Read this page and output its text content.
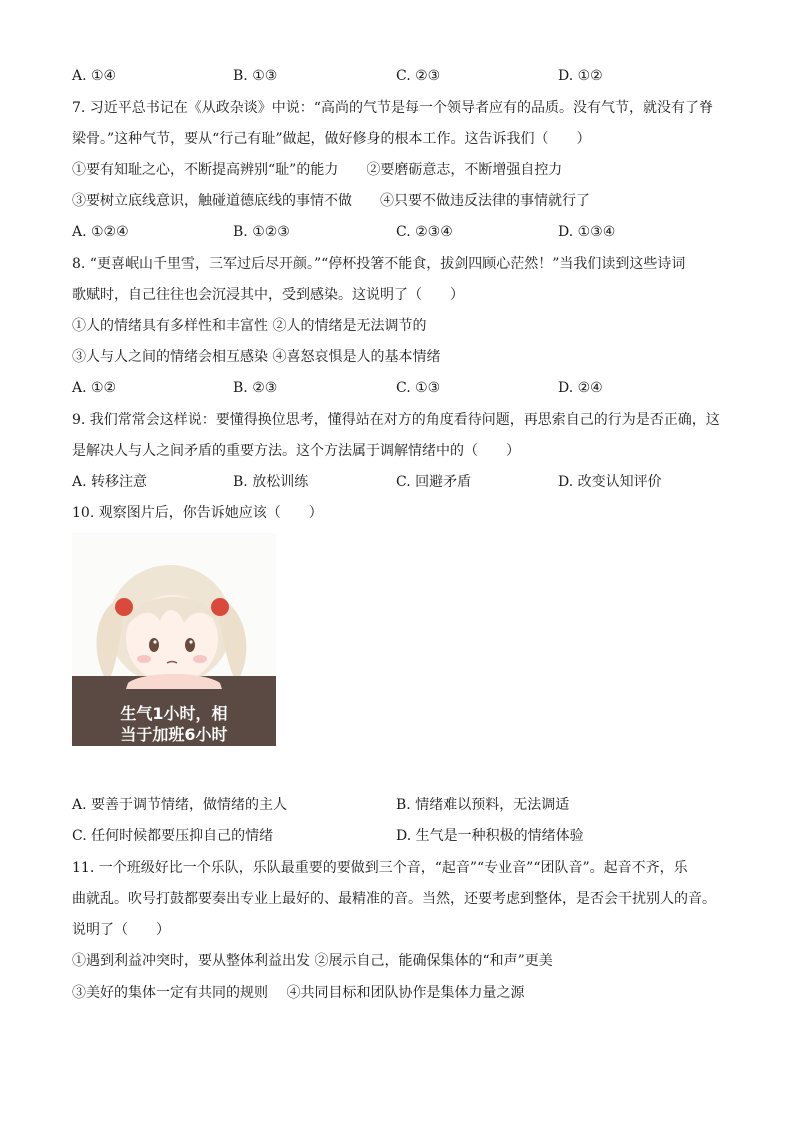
A. ①④	B. ①③	C. ②③	D. ①②
7. 习近平总书记在《从政杂谈》中说：“高尚的气节是每一个领导者应有的品质。没有气节，就没有了脊
梁骨。”这种气节，要从“行己有耻”做起，做好修身的根本工作。这告诉我们（　　）
①要有知耻之心，不断提高辨别“耻”的能力　　②要磨砺意志，不断增强自控力
③要树立底线意识，触碰道德底线的事情不做　　④只要不做违反法律的事情就行了
A. ①②④	B. ①②③	C. ②③④	D. ①③④
8. “更喜岷山千里雪，三军过后尽开颜。”“停杯投箸不能食，拔剑四顾心茫然！”当我们读到这些诗词
歌赋时，自己往往也会沉浸其中，受到感染。这说明了（　　）
①人的情绪具有多样性和丰富性 ②人的情绪是无法调节的
③人与人之间的情绪会相互感染 ④喜怒哀惧是人的基本情绪
A. ①②	B. ②③	C. ①③	D. ②④
9. 我们常常会这样说：要懂得换位思考，懂得站在对方的角度看待问题，再思索自己的行为是否正确，这
是解决人与人之间矛盾的重要方法。这个方法属于调解情绪中的（　　）
A. 转移注意	B. 放松训练	C. 回避矛盾	D. 改变认知评价
10. 观察图片后，你告诉她应该（　　）
生气1小时，相
当于加班6小时
A. 要善于调节情绪，做情绪的主人	B. 情绪难以预料，无法调适
C. 任何时候都要压抑自己的情绪	D. 生气是一种积极的情绪体验
11. 一个班级好比一个乐队，乐队最重要的要做到三个音，“起音”“专业音”“团队音”。起音不齐，乐
曲就乱。吹号打鼓都要奏出专业上最好的、最精准的音。当然，还要考虑到整体，是否会干扰别人的音。
说明了（　　）
①遇到利益冲突时，要从整体利益出发 ②展示自己，能确保集体的“和声”更美
③美好的集体一定有共同的规则　 ④共同目标和团队协作是集体力量之源
